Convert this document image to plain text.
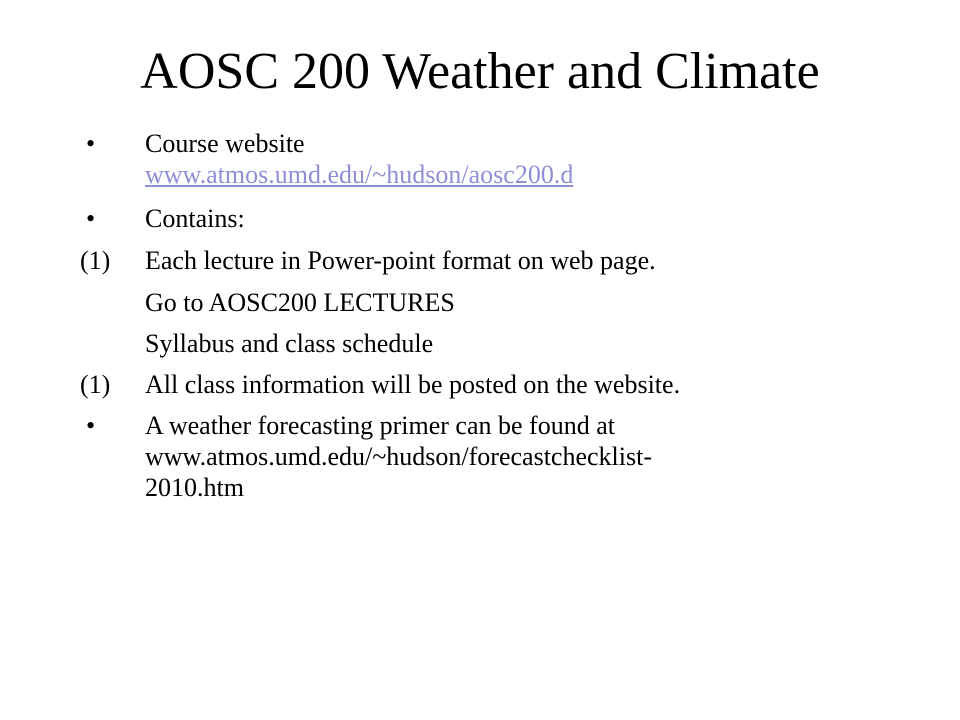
AOSC 200 Weather and Climate
•	Course website
www.atmos.umd.edu/~hudson/aosc200.d
•	Contains:
(1)	Each lecture in Power-point format on web page.
Go to AOSC200 LECTURES
Syllabus and class schedule
(1)	All class information will be posted on the website.
•	A weather forecasting primer can be found at
www.atmos.umd.edu/~hudson/forecastchecklist-
2010.htm
